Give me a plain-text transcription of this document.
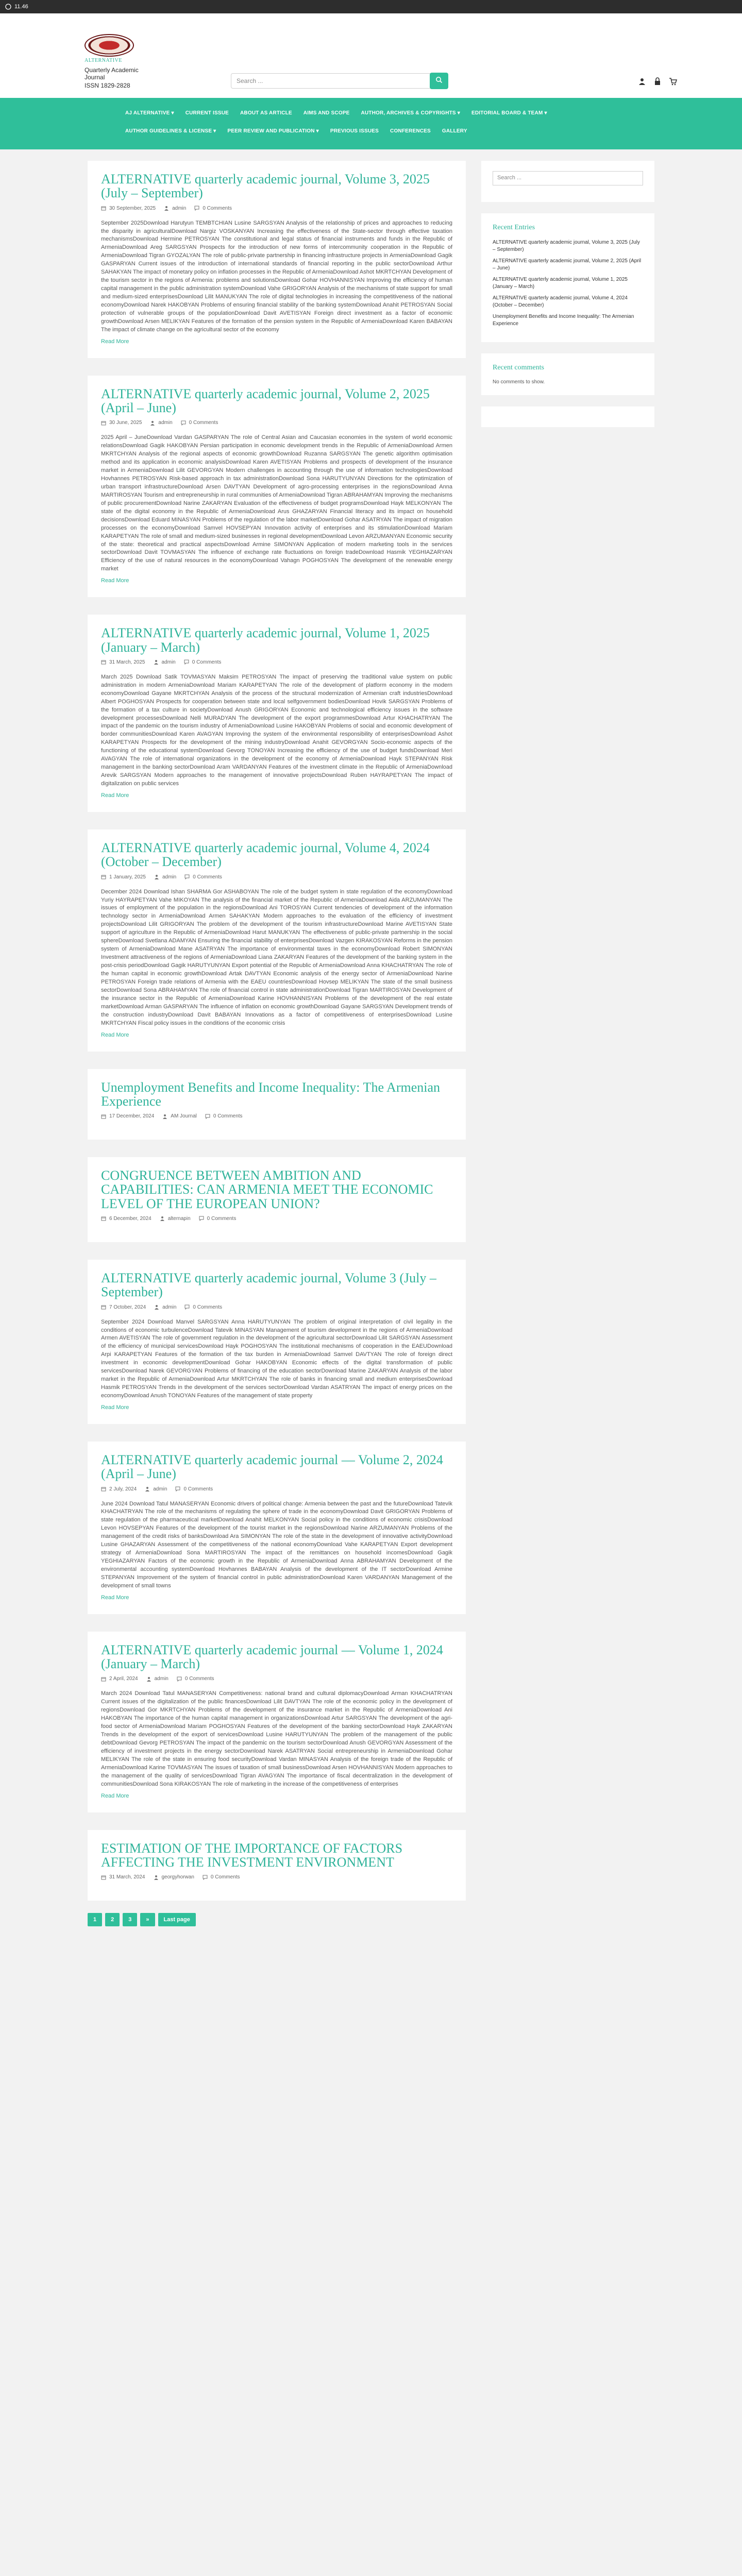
11.46
ALTERNATIVE
Quarterly Academic Journal
ISSN 1829-2828
Search ...
AJ ALTERNATIVE ▾	CURRENT ISSUE	ABOUT AS ARTICLE	AIMS AND SCOPE	AUTHOR, ARCHIVES & COPYRIGHTS ▾	EDITORIAL BOARD & TEAM ▾
AUTHOR GUIDELINES & LICENSE ▾	PEER REVIEW AND PUBLICATION ▾	PREVIOUS ISSUES	CONFERENCES	GALLERY
ALTERNATIVE quarterly academic journal, Volume 3, 2025 (July – September)
30 September, 2025	admin	0 Comments

September 2025Download Harutyun TEMBTCHIAN Lusine SARGSYAN Analysis of the relationship of prices and approaches to reducing the disparity in agriculturalDownload Nargiz VOSKANYAN Increasing the effectiveness of the State-sector through effective taxation mechanismsDownload Hermine PETROSYAN The constitutional and legal status of financial instruments and funds in the Republic of ArmeniaDownload Areg SARGSYAN Prospects for the introduction of new forms of intercommunity cooperation in the Republic of ArmeniaDownload Tigran GYOZALYAN The role of public-private partnership in financing infrastructure projects in ArmeniaDownload Gagik GASPARYAN Current issues of the introduction of international standards of financial reporting in the public sectorDownload Arthur SAHAKYAN The impact of monetary policy on inflation processes in the Republic of ArmeniaDownload Ashot MKRTCHYAN Development of the tourism sector in the regions of Armenia: problems and solutionsDownload Gohar HOVHANNISYAN Improving the efficiency of human capital management in the public administration systemDownload Vahe GRIGORYAN Analysis of the mechanisms of state support for small and medium-sized enterprisesDownload Lilit MANUKYAN The role of digital technologies in increasing the competitiveness of the national economyDownload Narek HAKOBYAN Problems of ensuring financial stability of the banking systemDownload Anahit PETROSYAN Social protection of vulnerable groups of the populationDownload Davit AVETISYAN Foreign direct investment as a factor of economic growthDownload Arsen MELIKYAN Features of the formation of the pension system in the Republic of ArmeniaDownload Karen BABAYAN The impact of climate change on the agricultural sector of the economy

Read More
ALTERNATIVE quarterly academic journal, Volume 2, 2025 (April – June)
30 June, 2025	admin	0 Comments

2025 April – JuneDownload Vardan GASPARYAN The role of Central Asian and Caucasian economies in the system of world economic relationsDownload Gagik HAKOBYAN Persian participation in economic development trends in the Republic of ArmeniaDownload Armen MKRTCHYAN Analysis of the regional aspects of economic growthDownload Ruzanna SARGSYAN The genetic algorithm optimisation method and its application in economic analysisDownload Karen AVETISYAN Problems and prospects of development of the insurance market in ArmeniaDownload Lilit GEVORGYAN Modern challenges in accounting through the use of information technologiesDownload Hovhannes PETROSYAN Risk-based approach in tax administrationDownload Sona HARUTYUNYAN Directions for the optimization of urban transport infrastructureDownload Arsen DAVTYAN Development of agro-processing enterprises in the regionsDownload Anna MARTIROSYAN Tourism and entrepreneurship in rural communities of ArmeniaDownload Tigran ABRAHAMYAN Improving the mechanisms of public procurementDownload Narine ZAKARYAN Evaluation of the effectiveness of budget programsDownload Hayk MELKONYAN The state of the digital economy in the Republic of ArmeniaDownload Arus GHAZARYAN Financial literacy and its impact on household decisionsDownload Eduard MINASYAN Problems of the regulation of the labor marketDownload Gohar ASATRYAN The impact of migration processes on the economyDownload Samvel HOVSEPYAN Innovation activity of enterprises and its stimulationDownload Mariam KARAPETYAN The role of small and medium-sized businesses in regional developmentDownload Levon ARZUMANYAN Economic security of the state: theoretical and practical aspectsDownload Armine SIMONYAN Application of modern marketing tools in the services sectorDownload Davit TOVMASYAN The influence of exchange rate fluctuations on foreign tradeDownload Hasmik YEGHIAZARYAN Efficiency of the use of natural resources in the economyDownload Vahagn POGHOSYAN The development of the renewable energy market

Read More
ALTERNATIVE quarterly academic journal, Volume 1, 2025 (January – March)
31 March, 2025	admin	0 Comments

March 2025 Download Satik TOVMASYAN Maksim PETROSYAN The impact of preserving the traditional value system on public administration in modern ArmeniaDownload Mariam KARAPETYAN The role of the development of platform economy in the modern economyDownload Gayane MKRTCHYAN Analysis of the process of the structural modernization of Armenian craft industriesDownload Albert POGHOSYAN Prospects for cooperation between state and local selfgovernment bodiesDownload Hovik SARGSYAN Problems of the formation of a tax culture in societyDownload Anush GRIGORYAN Economic and technological efficiency issues in the software development processesDownload Nelli MURADYAN The development of the export programmesDownload Artur KHACHATRYAN The impact of the pandemic on the tourism industry of ArmeniaDownload Lusine HAKOBYAN Problems of social and economic development of border communitiesDownload Karen AVAGYAN Improving the system of the environmental responsibility of enterprisesDownload Ashot KARAPETYAN Prospects for the development of the mining industryDownload Anahit GEVORGYAN Socio-economic aspects of the functioning of the educational systemDownload Gevorg TONOYAN Increasing the efficiency of the use of budget fundsDownload Meri AVAGYAN The role of international organizations in the development of the economy of ArmeniaDownload Hayk STEPANYAN Risk management in the banking sectorDownload Aram VARDANYAN Features of the investment climate in the Republic of ArmeniaDownload Arevik SARGSYAN Modern approaches to the management of innovative projectsDownload Ruben HAYRAPETYAN The impact of digitalization on public services

Read More
ALTERNATIVE quarterly academic journal, Volume 4, 2024 (October – December)
1 January, 2025	admin	0 Comments

December 2024 Download Ishan SHARMA Gor ASHABOYAN The role of the budget system in state regulation of the economyDownload Yuriy HAYRAPETYAN Vahe MIKOYAN The analysis of the financial market of the Republic of ArmeniaDownload Aida ARZUMANYAN The issues of employment of the population in the regionsDownload Ani TOROSYAN Current tendencies of development of the information technology sector in ArmeniaDownload Armen SAHAKYAN Modern approaches to the evaluation of the efficiency of investment projectsDownload Lilit GRIGORYAN The problem of the development of the tourism infrastructureDownload Marine AVETISYAN State support of agriculture in the Republic of ArmeniaDownload Harut MANUKYAN The effectiveness of public-private partnership in the social sphereDownload Svetlana ADAMYAN Ensuring the financial stability of enterprisesDownload Vazgen KIRAKOSYAN Reforms in the pension system of ArmeniaDownload Mane ASATRYAN The importance of environmental taxes in the economyDownload Robert SIMONYAN Investment attractiveness of the regions of ArmeniaDownload Liana ZAKARYAN Features of the development of the banking system in the post-crisis periodDownload Gagik HARUTYUNYAN Export potential of the Republic of ArmeniaDownload Anna KHACHATRYAN The role of the human capital in economic growthDownload Artak DAVTYAN Economic analysis of the energy sector of ArmeniaDownload Narine PETROSYAN Foreign trade relations of Armenia with the EAEU countriesDownload Hovsep MELIKYAN The state of the small business sectorDownload Sona ABRAHAMYAN The role of financial control in state administrationDownload Tigran MARTIROSYAN Development of the insurance sector in the Republic of ArmeniaDownload Karine HOVHANNISYAN Problems of the development of the real estate marketDownload Arman GASPARYAN The influence of inflation on economic growthDownload Gayane SARGSYAN Development trends of the construction industryDownload Davit BABAYAN Innovations as a factor of competitiveness of enterprisesDownload Lusine MKRTCHYAN Fiscal policy issues in the conditions of the economic crisis

Read More
Unemployment Benefits and Income Inequality: The Armenian Experience
17 December, 2024	AM Journal	0 Comments
CONGRUENCE BETWEEN AMBITION AND CAPABILITIES: CAN ARMENIA MEET THE ECONOMIC LEVEL OF THE EUROPEAN UNION?
6 December, 2024	alternapin	0 Comments
ALTERNATIVE quarterly academic journal, Volume 3 (July – September)
7 October, 2024	admin	0 Comments

September 2024 Download Manvel SARGSYAN Anna HARUTYUNYAN The problem of original interpretation of civil legality in the conditions of economic turbulenceDownload Tatevik MINASYAN Management of tourism development in the regions of ArmeniaDownload Armen AVETISYAN The role of government regulation in the development of the agricultural sectorDownload Lilit SARGSYAN Assessment of the efficiency of municipal servicesDownload Hayk POGHOSYAN The institutional mechanisms of cooperation in the EAEUDownload Arpi KARAPETYAN Features of the formation of the tax burden in ArmeniaDownload Samvel DAVTYAN The role of foreign direct investment in economic developmentDownload Gohar HAKOBYAN Economic effects of the digital transformation of public servicesDownload Narek GEVORGYAN Problems of financing of the education sectorDownload Marine ZAKARYAN Analysis of the labor market in the Republic of ArmeniaDownload Artur MKRTCHYAN The role of banks in financing small and medium enterprisesDownload Hasmik PETROSYAN Trends in the development of the services sectorDownload Vardan ASATRYAN The impact of energy prices on the economyDownload Anush TONOYAN Features of the management of state property

Read More
ALTERNATIVE quarterly academic journal — Volume 2, 2024 (April – June)
2 July, 2024	admin	0 Comments

June 2024 Download Tatul MANASERYAN Economic drivers of political change: Armenia between the past and the futureDownload Tatevik KHACHATRYAN The role of the mechanisms of regulating the sphere of trade in the economyDownload Davit GRIGORYAN Problems of state regulation of the pharmaceutical marketDownload Anahit MELKONYAN Social policy in the conditions of economic crisisDownload Levon HOVSEPYAN Features of the development of the tourist market in the regionsDownload Narine ARZUMANYAN Problems of the management of the credit risks of banksDownload Ara SIMONYAN The role of the state in the development of innovative activityDownload Lusine GHAZARYAN Assessment of the competitiveness of the national economyDownload Vahe KARAPETYAN Export development strategy of ArmeniaDownload Sona MARTIROSYAN The impact of the remittances on household incomesDownload Gagik YEGHIAZARYAN Factors of the economic growth in the Republic of ArmeniaDownload Anna ABRAHAMYAN Development of the environmental accounting systemDownload Hovhannes BABAYAN Analysis of the development of the IT sectorDownload Armine STEPANYAN Improvement of the system of financial control in public administrationDownload Karen VARDANYAN Management of the development of small towns

Read More
ALTERNATIVE quarterly academic journal — Volume 1, 2024 (January – March)
2 April, 2024	admin	0 Comments

March 2024 Download Tatul MANASERYAN Competitiveness: national brand and cultural diplomacyDownload Arman KHACHATRYAN Current issues of the digitalization of the public financesDownload Lilit DAVTYAN The role of the economic policy in the development of regionsDownload Gor MKRTCHYAN Problems of the development of the insurance market in the Republic of ArmeniaDownload Ani HAKOBYAN The importance of the human capital management in organizationsDownload Artur SARGSYAN The development of the agri-food sector of ArmeniaDownload Mariam POGHOSYAN Features of the development of the banking sectorDownload Hayk ZAKARYAN Trends in the development of the export of servicesDownload Lusine HARUTYUNYAN The problem of the management of the public debtDownload Gevorg PETROSYAN The impact of the pandemic on the tourism sectorDownload Anush GEVORGYAN Assessment of the efficiency of investment projects in the energy sectorDownload Narek ASATRYAN Social entrepreneurship in ArmeniaDownload Gohar MELIKYAN The role of the state in ensuring food securityDownload Vardan MINASYAN Analysis of the foreign trade of the Republic of ArmeniaDownload Karine TOVMASYAN The issues of taxation of small businessDownload Arsen HOVHANNISYAN Modern approaches to the management of the quality of servicesDownload Tigran AVAGYAN The importance of fiscal decentralization in the development of communitiesDownload Sona KIRAKOSYAN The role of marketing in the increase of the competitiveness of enterprises

Read More
ESTIMATION OF THE IMPORTANCE OF FACTORS AFFECTING THE INVESTMENT ENVIRONMENT
31 March, 2024	georgyhorwan	0 Comments
1	2	3	»	Last page
Search ...
Recent Entries
ALTERNATIVE quarterly academic journal, Volume 3, 2025 (July – September)
ALTERNATIVE quarterly academic journal, Volume 2, 2025 (April – June)
ALTERNATIVE quarterly academic journal, Volume 1, 2025 (January – March)
ALTERNATIVE quarterly academic journal, Volume 4, 2024 (October – December)
Unemployment Benefits and Income Inequality: The Armenian Experience
Recent comments
No comments to show.
